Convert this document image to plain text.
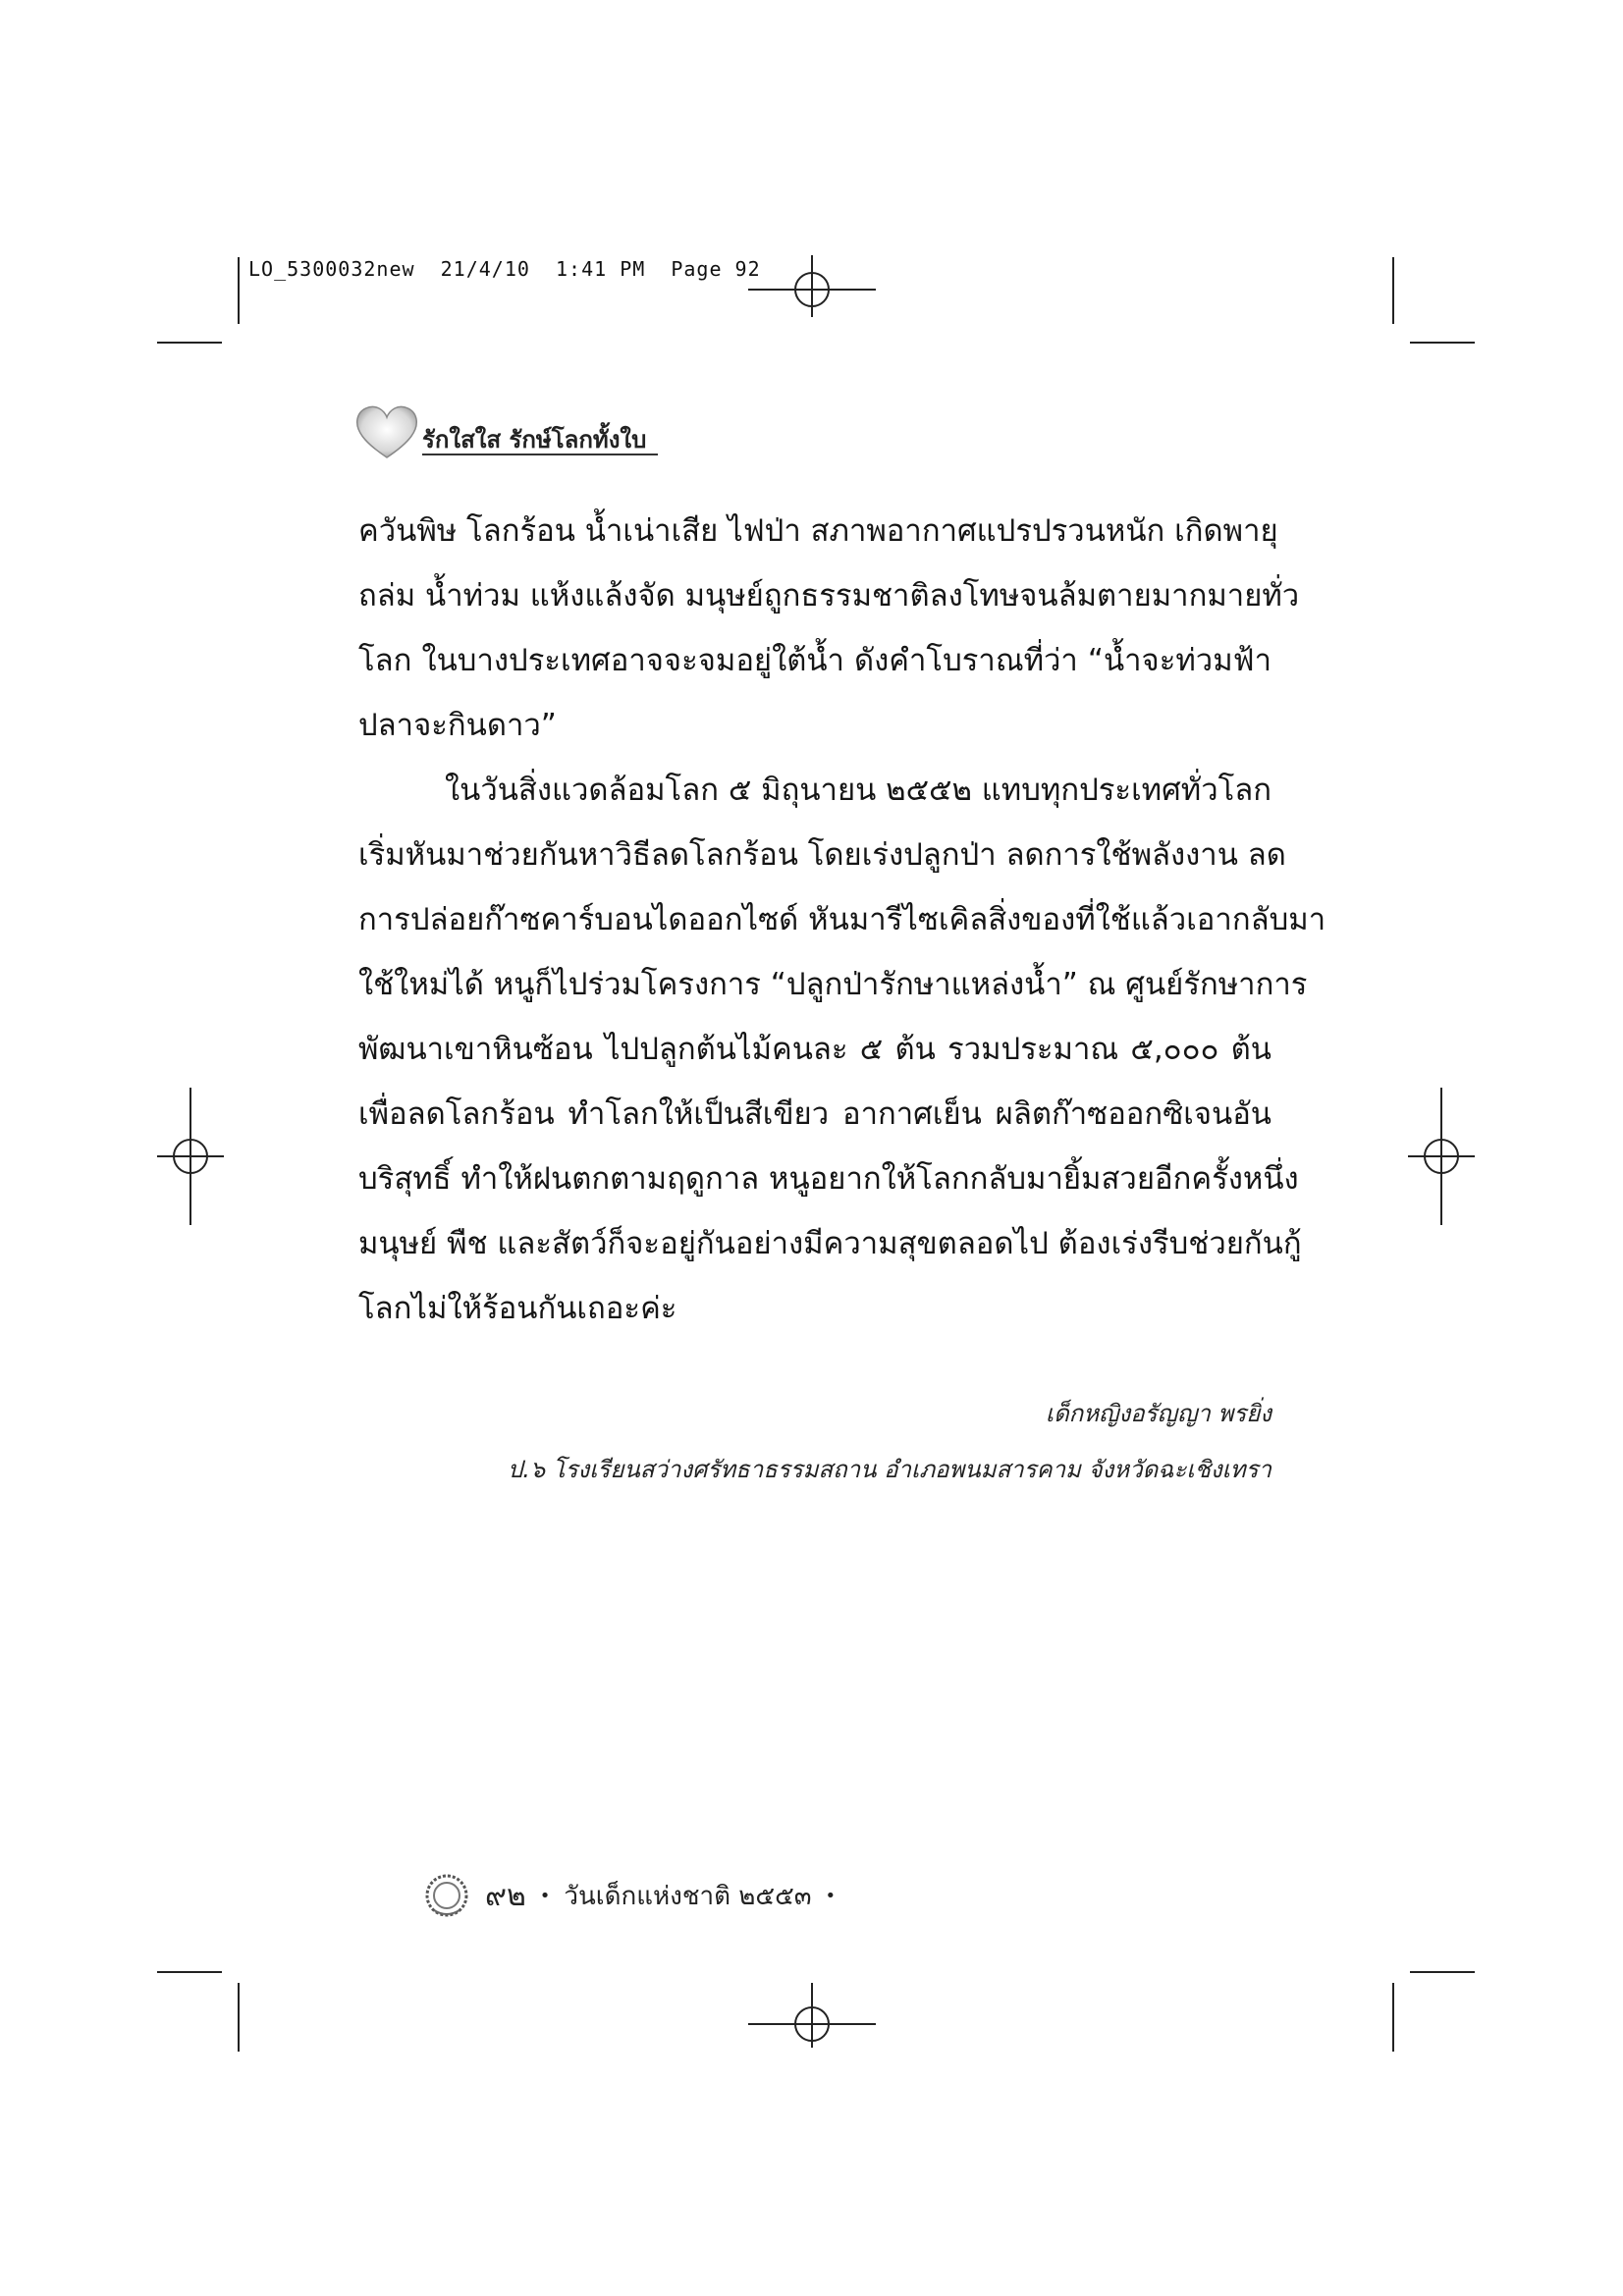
LO_5300032new  21/4/10  1:41 PM  Page 92
รักใสใส รักษ์โลกทั้งใบ
ควันพิษ โลกร้อน น้ำเน่าเสีย ไฟป่า สภาพอากาศแปรปรวนหนัก เกิดพายุ
ถล่ม น้ำท่วม แห้งแล้งจัด มนุษย์ถูกธรรมชาติลงโทษจนล้มตายมากมายทั่ว
โลก ในบางประเทศอาจจะจมอยู่ใต้น้ำ ดังคำโบราณที่ว่า “น้ำจะท่วมฟ้า
ปลาจะกินดาว”
ในวันสิ่งแวดล้อมโลก ๕ มิถุนายน ๒๕๕๒ แทบทุกประเทศทั่วโลก
เริ่มหันมาช่วยกันหาวิธีลดโลกร้อน โดยเร่งปลูกป่า ลดการใช้พลังงาน ลด
การปล่อยก๊าซคาร์บอนไดออกไซด์ หันมารีไซเคิลสิ่งของที่ใช้แล้วเอากลับมา
ใช้ใหม่ได้ หนูก็ไปร่วมโครงการ “ปลูกป่ารักษาแหล่งน้ำ” ณ ศูนย์รักษาการ
พัฒนาเขาหินซ้อน ไปปลูกต้นไม้คนละ ๕ ต้น รวมประมาณ ๕,๐๐๐ ต้น
เพื่อลดโลกร้อน ทำโลกให้เป็นสีเขียว อากาศเย็น ผลิตก๊าซออกซิเจนอัน
บริสุทธิ์ ทำให้ฝนตกตามฤดูกาล หนูอยากให้โลกกลับมายิ้มสวยอีกครั้งหนึ่ง
มนุษย์ พืช และสัตว์ก็จะอยู่กันอย่างมีความสุขตลอดไป ต้องเร่งรีบช่วยกันกู้
โลกไม่ให้ร้อนกันเถอะค่ะ
เด็กหญิงอรัญญา พรยิ่ง
ป.๖ โรงเรียนสว่างศรัทธาธรรมสถาน อำเภอพนมสารคาม จังหวัดฉะเชิงเทรา
๙๒ • วันเด็กแห่งชาติ ๒๕๕๓ •
